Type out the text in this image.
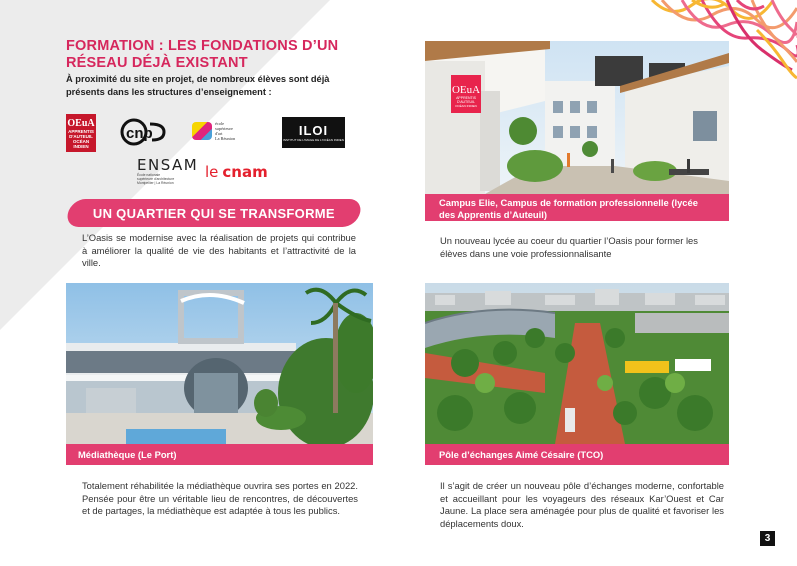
FORMATION : LES FONDATIONS D’UN RÉSEAU DÉJÀ EXISTANT
À proximité du site en projet, de nombreux élèves sont déjà présents dans les structures d’enseignement :
OEuA
APPRENTIS
D'AUTEUIL
OCÉAN INDIEN
cnp
école
supérieure
d'art
La Réunion
ILOI
INSTITUT DE L'IMAGE DE L'OCÉAN INDIEN
ENSAM
École nationale
supérieure d'architecture
Montpellier | La Réunion
le cnam
UN QUARTIER QUI SE TRANSFORME
L’Oasis se modernise avec la réalisation de projets qui contribue à améliorer la qualité de vie des habitants et l’attractivité de la ville.
OEuA
APPRENTIS
D'AUTEUIL
OCÉAN INDIEN
Campus Elie, Campus de formation professionnelle (lycée des Apprentis d’Auteuil)
Un nouveau lycée au coeur du quartier l’Oasis pour former les élèves dans une voie professionnalisante
Médiathèque (Le Port)
Totalement réhabilitée la médiathèque ouvrira ses portes en 2022. Pensée pour être un véritable lieu de rencontres, de découvertes et de partages, la médiathèque est adaptée à tous les publics.
Pôle d’échanges Aimé Césaire (TCO)
Il s’agit de créer un nouveau pôle d’échanges moderne, confortable et accueillant pour les voyageurs des réseaux Kar’Ouest et Car Jaune. La place sera aménagée pour plus de qualité et favoriser les déplacements doux.
3
